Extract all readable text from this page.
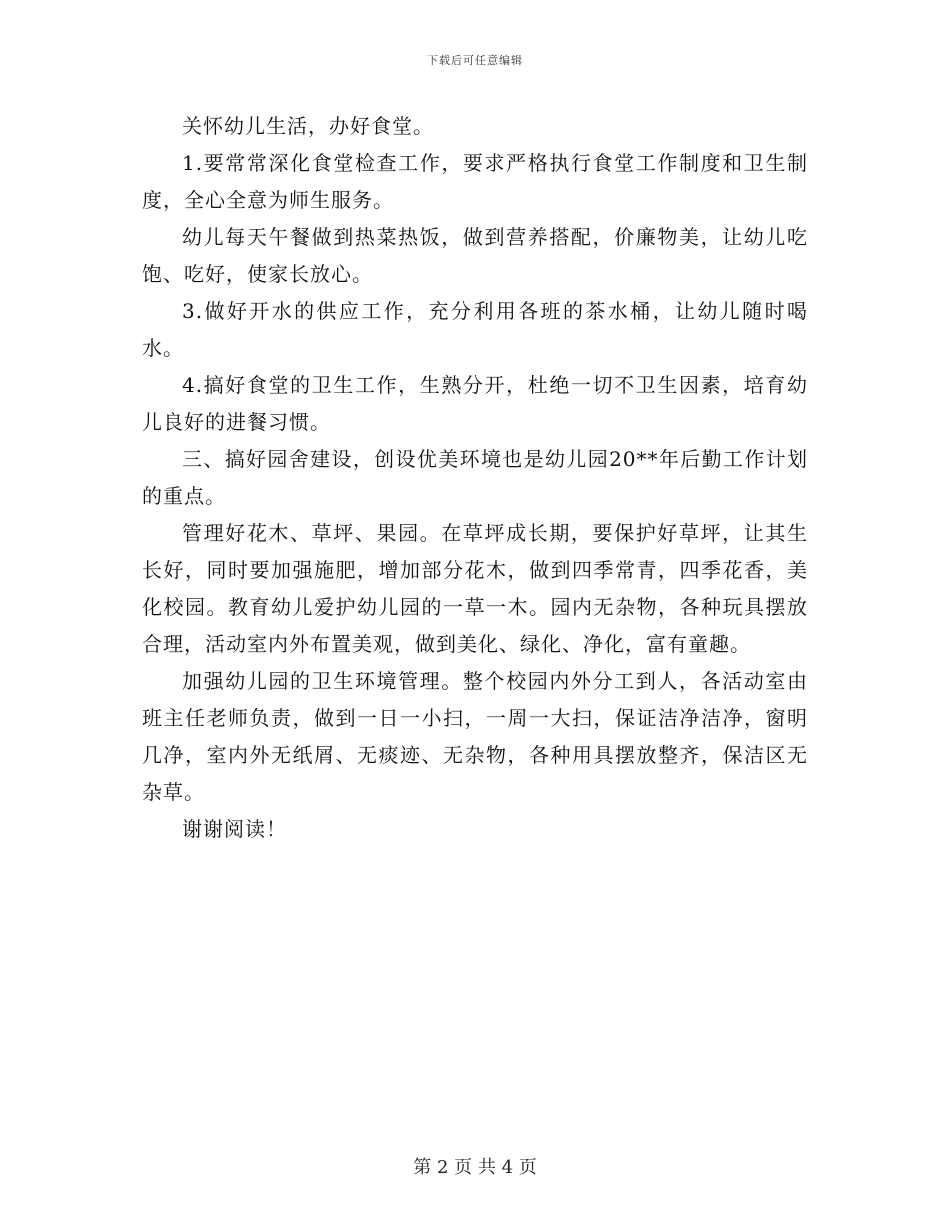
下载后可任意编辑

关怀幼儿生活，办好食堂。

1.要常常深化食堂检查工作，要求严格执行食堂工作制度和卫生制度，全心全意为师生服务。

幼儿每天午餐做到热菜热饭，做到营养搭配，价廉物美，让幼儿吃饱、吃好，使家长放心。

3.做好开水的供应工作，充分利用各班的茶水桶，让幼儿随时喝水。

4.搞好食堂的卫生工作，生熟分开，杜绝一切不卫生因素，培育幼儿良好的进餐习惯。

三、搞好园舍建设，创设优美环境也是幼儿园20**年后勤工作计划的重点。

管理好花木、草坪、果园。在草坪成长期，要保护好草坪，让其生长好，同时要加强施肥，增加部分花木，做到四季常青，四季花香，美化校园。教育幼儿爱护幼儿园的一草一木。园内无杂物，各种玩具摆放合理，活动室内外布置美观，做到美化、绿化、净化，富有童趣。

加强幼儿园的卫生环境管理。整个校园内外分工到人，各活动室由班主任老师负责，做到一日一小扫，一周一大扫，保证洁净洁净，窗明几净，室内外无纸屑、无痰迹、无杂物，各种用具摆放整齐，保洁区无杂草。

谢谢阅读！

第 2 页 共 4 页
